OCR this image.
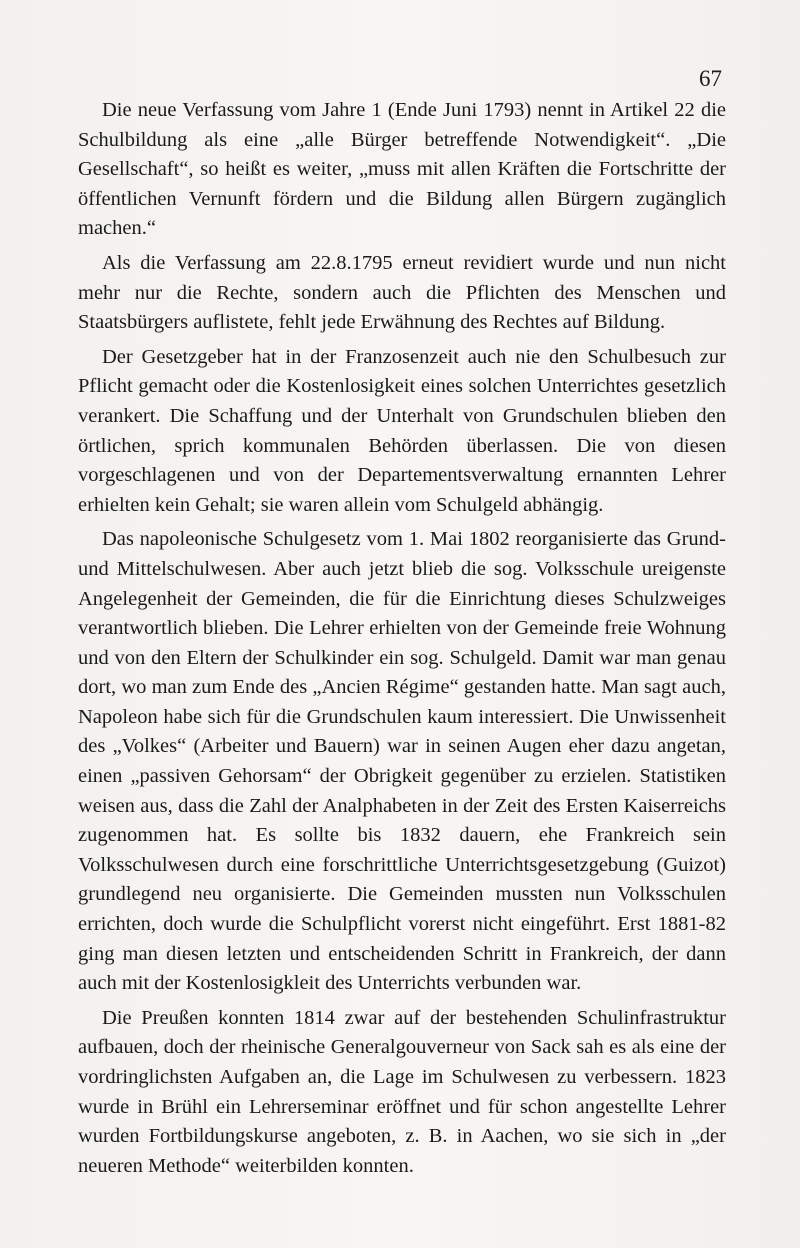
67

Die neue Verfassung vom Jahre 1 (Ende Juni 1793) nennt in Artikel 22 die Schulbildung als eine „alle Bürger betreffende Notwendigkeit“. „Die Gesellschaft“, so heißt es weiter, „muss mit allen Kräften die Fortschritte der öffentlichen Vernunft fördern und die Bildung allen Bürgern zugänglich machen.“

Als die Verfassung am 22.8.1795 erneut revidiert wurde und nun nicht mehr nur die Rechte, sondern auch die Pflichten des Menschen und Staatsbürgers auflistete, fehlt jede Erwähnung des Rechtes auf Bildung.

Der Gesetzgeber hat in der Franzosenzeit auch nie den Schulbesuch zur Pflicht gemacht oder die Kostenlosigkeit eines solchen Unterrichtes gesetzlich verankert. Die Schaffung und der Unterhalt von Grundschulen blieben den örtlichen, sprich kommunalen Behörden überlassen. Die von diesen vorgeschlagenen und von der Departementsverwaltung ernannten Lehrer erhielten kein Gehalt; sie waren allein vom Schulgeld abhängig.

Das napoleonische Schulgesetz vom 1. Mai 1802 reorganisierte das Grund- und Mittelschulwesen. Aber auch jetzt blieb die sog. Volksschule ureigenste Angelegenheit der Gemeinden, die für die Einrichtung dieses Schulzweiges verantwortlich blieben. Die Lehrer erhielten von der Gemeinde freie Wohnung und von den Eltern der Schulkinder ein sog. Schulgeld. Damit war man genau dort, wo man zum Ende des „Ancien Régime“ gestanden hatte. Man sagt auch, Napoleon habe sich für die Grundschulen kaum interessiert. Die Unwissenheit des „Volkes“ (Arbeiter und Bauern) war in seinen Augen eher dazu angetan, einen „passiven Gehorsam“ der Obrigkeit gegenüber zu erzielen. Statistiken weisen aus, dass die Zahl der Analphabeten in der Zeit des Ersten Kaiserreichs zugenommen hat. Es sollte bis 1832 dauern, ehe Frankreich sein Volksschulwesen durch eine forschrittliche Unterrichtsgesetzgebung (Guizot) grundlegend neu organisierte. Die Gemeinden mussten nun Volksschulen errichten, doch wurde die Schulpflicht vorerst nicht eingeführt. Erst 1881-82 ging man diesen letzten und entscheidenden Schritt in Frankreich, der dann auch mit der Kostenlosigkleit des Unterrichts verbunden war.

Die Preußen konnten 1814 zwar auf der bestehenden Schulinfrastruktur aufbauen, doch der rheinische Generalgouverneur von Sack sah es als eine der vordringlichsten Aufgaben an, die Lage im Schulwesen zu verbessern. 1823 wurde in Brühl ein Lehrerseminar eröffnet und für schon angestellte Lehrer wurden Fortbildungskurse angeboten, z. B. in Aachen, wo sie sich in „der neueren Methode“ weiterbilden konnten.
